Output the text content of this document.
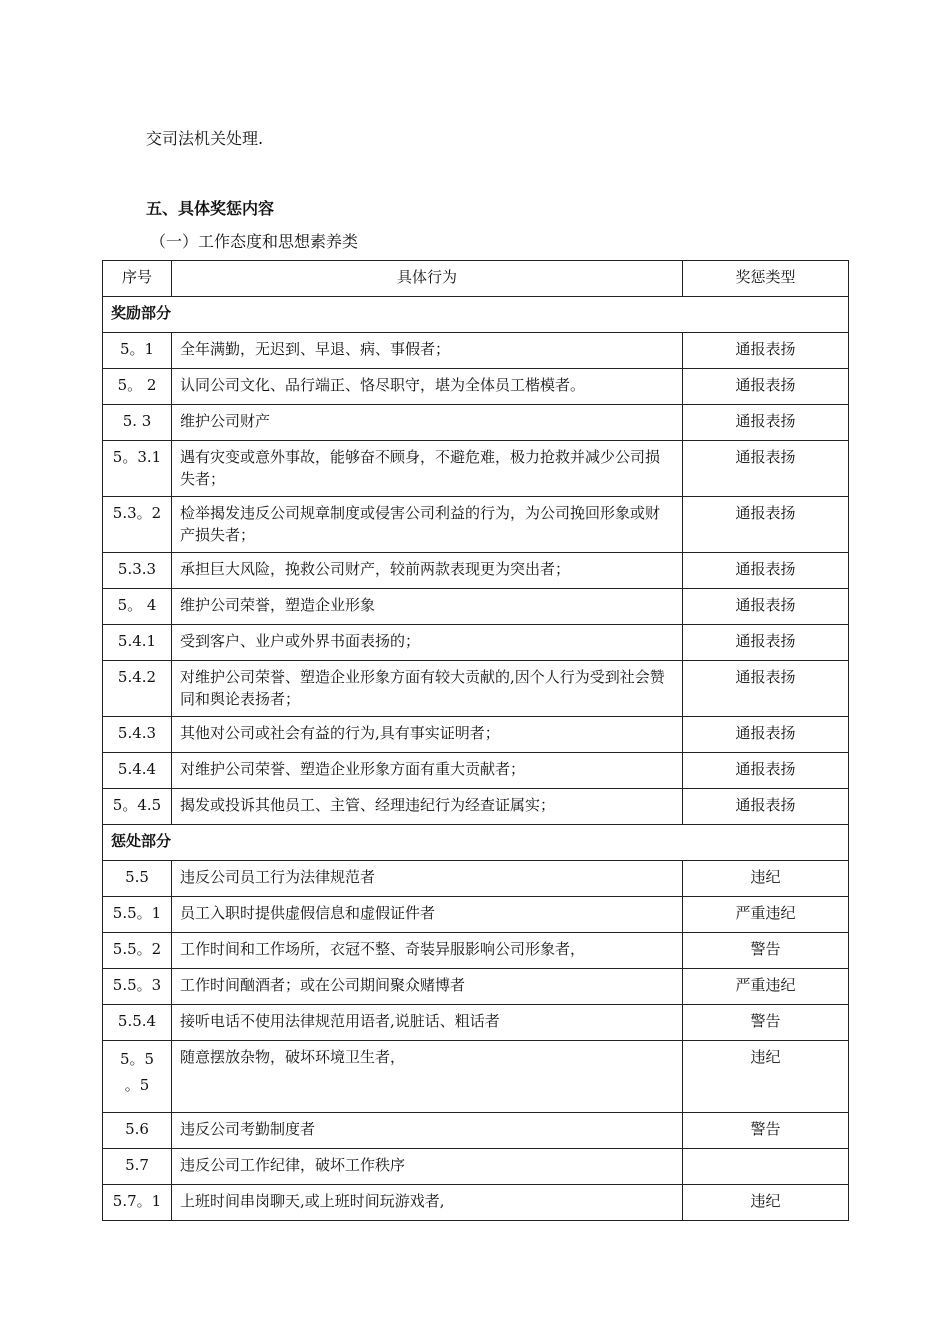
交司法机关处理.
五、具体奖惩内容
（一）工作态度和思想素养类
序号	具体行为	奖惩类型
奖励部分		
5。1	全年满勤，无迟到、早退、病、事假者；	通报表扬
5。 2	认同公司文化、品行端正、恪尽职守，堪为全体员工楷模者。	通报表扬
5. 3	维护公司财产	通报表扬
5。3.1	遇有灾变或意外事故，能够奋不顾身，不避危难，极力抢救并减少公司损失者；	通报表扬
5.3。2	检举揭发违反公司规章制度或侵害公司利益的行为，为公司挽回形象或财产损失者；	通报表扬
5.3.3	承担巨大风险，挽救公司财产，较前两款表现更为突出者；	通报表扬
5。 4	维护公司荣誉，塑造企业形象	通报表扬
5.4.1	受到客户、业户或外界书面表扬的；	通报表扬
5.4.2	对维护公司荣誉、塑造企业形象方面有较大贡献的,因个人行为受到社会赞同和舆论表扬者；	通报表扬
5.4.3	其他对公司或社会有益的行为,具有事实证明者；	通报表扬
5.4.4	对维护公司荣誉、塑造企业形象方面有重大贡献者；	通报表扬
5。4.5	揭发或投诉其他员工、主管、经理违纪行为经查证属实；	通报表扬
惩处部分		
5.5	违反公司员工行为法律规范者	违纪
5.5。1	员工入职时提供虚假信息和虚假证件者	严重违纪
5.5。2	工作时间和工作场所，衣冠不整、奇装异服影响公司形象者，	警告
5.5。3	工作时间酗酒者；或在公司期间聚众赌博者	严重违纪
5.5.4	接听电话不使用法律规范用语者,说脏话、粗话者	警告
5。5 。5	随意摆放杂物，破坏环境卫生者，	违纪
5.6	违反公司考勤制度者	警告
5.7	违反公司工作纪律，破坏工作秩序	
5.7。1	上班时间串岗聊天,或上班时间玩游戏者,	违纪
